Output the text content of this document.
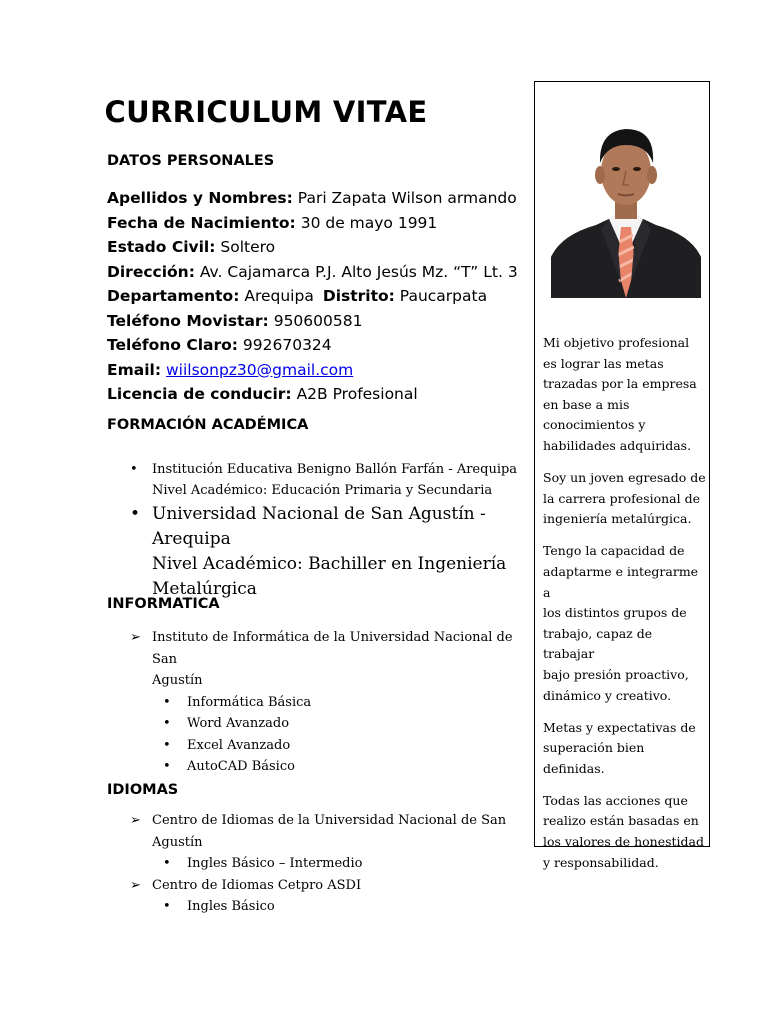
CURRICULUM VITAE
DATOS PERSONALES
Apellidos y Nombres: Pari Zapata Wilson armando
Fecha de Nacimiento: 30 de mayo 1991
Estado Civil: Soltero
Dirección: Av. Cajamarca P.J. Alto Jesús Mz. “T” Lt. 3
Departamento: Arequipa Distrito: Paucarpata
Teléfono Movistar: 950600581
Teléfono Claro: 992670324
Email: wiilsonpz30@gmail.com
Licencia de conducir: A2B Profesional
FORMACIÓN ACADÉMICA
• Institución Educativa Benigno Ballón Farfán - Arequipa
Nivel Académico: Educación Primaria y Secundaria
• Universidad Nacional de San Agustín -Arequipa
Nivel Académico: Bachiller en Ingeniería
Metalúrgica
INFORMATICA
➢ Instituto de Informática de la Universidad Nacional de San
Agustín
• Informática Básica
• Word Avanzado
• Excel Avanzado
• AutoCAD Básico
IDIOMAS
➢ Centro de Idiomas de la Universidad Nacional de San
Agustín
• Ingles Básico – Intermedio
➢ Centro de Idiomas Cetpro ASDI
• Ingles Básico

Mi objetivo profesional
es lograr las metas
trazadas por la empresa
en base a mis
conocimientos y
habilidades adquiridas.

Soy un joven egresado de
la carrera profesional de
ingeniería metalúrgica.

Tengo la capacidad de
adaptarme e integrarme a
los distintos grupos de
trabajo, capaz de trabajar
bajo presión proactivo,
dinámico y creativo.

Metas y expectativas de
superación bien definidas.

Todas las acciones que
realizo están basadas en
los valores de honestidad
y responsabilidad.
